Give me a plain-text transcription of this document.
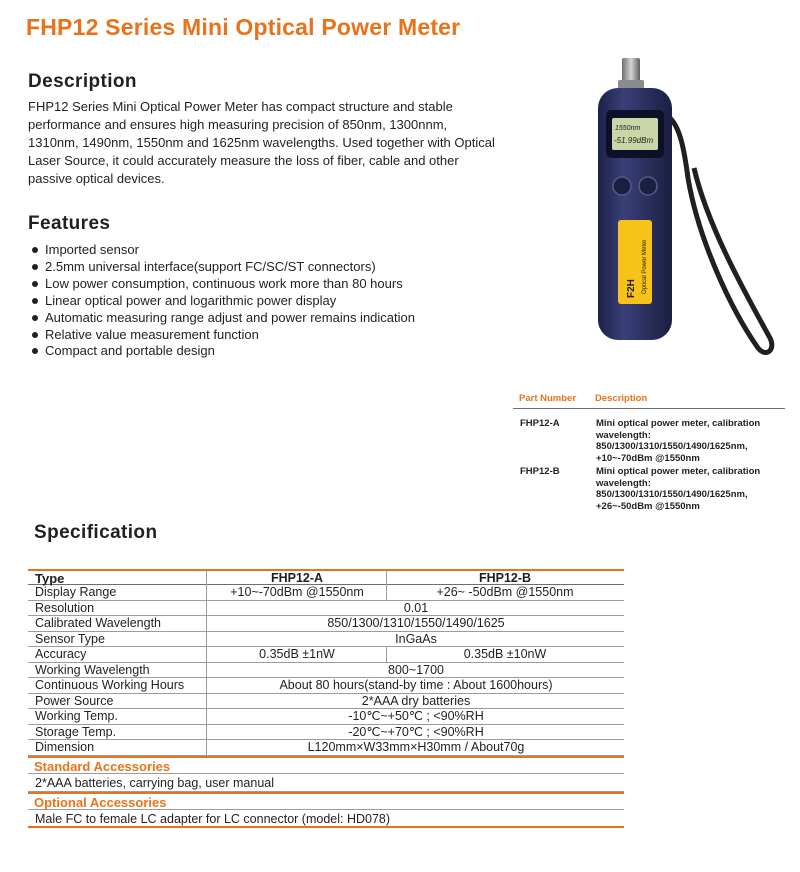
FHP12 Series Mini Optical Power Meter
Description

FHP12 Series Mini Optical Power Meter has compact structure and stable performance and ensures high measuring precision of 850nm, 1300nnm, 1310nm, 1490nm, 1550nm and 1625nm wavelengths. Used together with Optical Laser Source, it could accurately measure the loss of fiber, cable and other passive optical devices.

Features
Imported sensor
2.5mm universal interface(support FC/SC/ST connectors)
Low power consumption, continuous work more than 80 hours
Linear optical power and logarithmic power display
Automatic measuring range adjust and power remains indication
Relative value measurement function
Compact and portable design
1550nm
-51.99dBm
F2H Optical Power Meter
Part Number Description
FHP12-A	Mini optical power meter, calibration wavelength: 850/1300/1310/1550/1490/1625nm, +10~-70dBm @1550nm
FHP12-B	Mini optical power meter, calibration wavelength: 850/1300/1310/1550/1490/1625nm, +26~-50dBm @1550nm
Specification
Type	FHP12-A	FHP12-B
Display Range	+10~-70dBm @1550nm	+26~ -50dBm @1550nm
Resolution	0.01
Calibrated Wavelength	850/1300/1310/1550/1490/1625
Sensor Type	InGaAs
Accuracy	0.35dB ±1nW	0.35dB ±10nW
Working Wavelength	800~1700
Continuous Working Hours	About 80 hours(stand-by time : About 1600hours)
Power Source	2*AAA dry batteries
Working Temp.	-10℃~+50℃ ; <90%RH
Storage Temp.	-20℃~+70℃ ; <90%RH
Dimension	L120mm×W33mm×H30mm / About70g
Standard Accessories
2*AAA batteries, carrying bag, user manual
Optional Accessories
Male FC to female LC adapter for LC connector (model: HD078)
